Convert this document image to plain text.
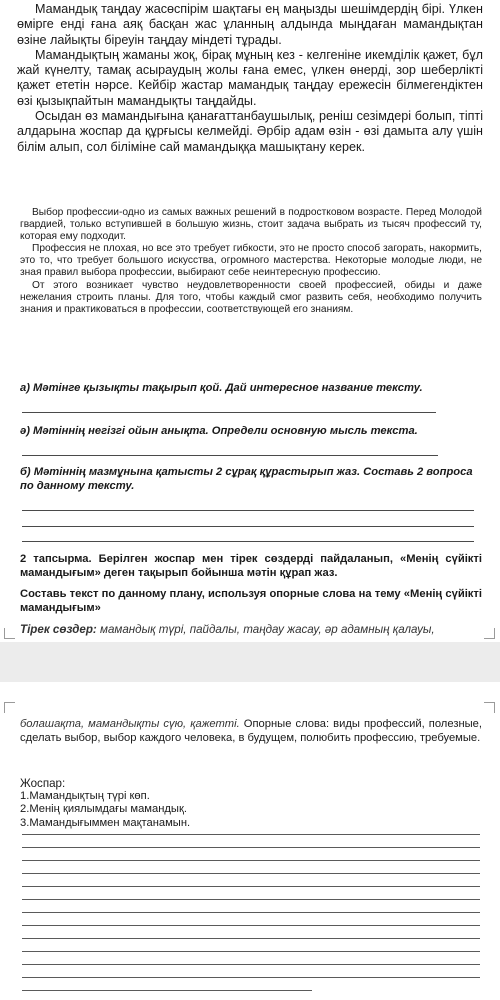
Мамандық таңдау жасөспірім шақтағы ең маңызды шешімдердің бірі. Үлкен өмірге енді ғана аяқ басқан жас ұланның алдында мыңдаған мамандықтан өзіне лайықты біреуін таңдау міндеті тұрады.

Мамандықтың жаманы жоқ, бірақ мұның кез - келгеніне икемділік қажет, бұл жай күнелту, тамақ асыраудың жолы ғана емес, үлкен өнерді, зор шеберлікті қажет ететін нәрсе. Кейбір жастар мамандық таңдау ережесін білмегендіктен өзі қызықпайтын мамандықты таңдайды.

Осыдан өз мамандығына қанағаттанбаушылық, реніш сезімдері болып, тіпті алдарына жоспар да құрғысы келмейді. Әрбір адам өзін - өзі дамыта алу үшін білім алып, сол біліміне сай мамандыққа машықтану керек.

Выбор профессии-одно из самых важных решений в подростковом возрасте. Перед Молодой гвардией, только вступившей в большую жизнь, стоит задача выбрать из тысяч профессий ту, которая ему подходит.

Профессия не плохая, но все это требует гибкости, это не просто способ загорать, накормить, это то, что требует большого искусства, огромного мастерства. Некоторые молодые люди, не зная правил выбора профессии, выбирают себе неинтересную профессию.

От этого возникает чувство неудовлетворенности своей профессией, обиды и даже нежелания строить планы. Для того, чтобы каждый смог развить себя, необходимо получить знания и практиковаться в профессии, соответствующей его знаниям.

а) Мәтінге қызықты тақырып қой. Дай интересное название тексту.

ә) Мәтіннің негізгі ойын анықта. Определи основную мысль текста.

б) Мәтіннің мазмұнына қатысты 2 сұрақ құрастырып жаз. Составь 2 вопроса по данному тексту.

2 тапсырма. Берілген жоспар мен тірек сөздерді пайдаланып, «Менің сүйікті мамандығым» деген тақырып бойынша мәтін құрап жаз.

Составь текст по данному плану, используя опорные слова на тему «Менің сүйікті мамандығым»

Тірек сөздер: мамандық түрі, пайдалы, таңдау жасау, әр адамның қалауы,

болашақта, мамандықты сүю, қажетті. Опорные слова: виды профессий, полезные, сделать выбор, выбор каждого человека, в будущем, полюбить профессию, требуемые.

Жоспар:
1.Мамандықтың түрі көп.
2.Менің қиялымдағы мамандық.
3.Мамандығыммен мақтанамын.
